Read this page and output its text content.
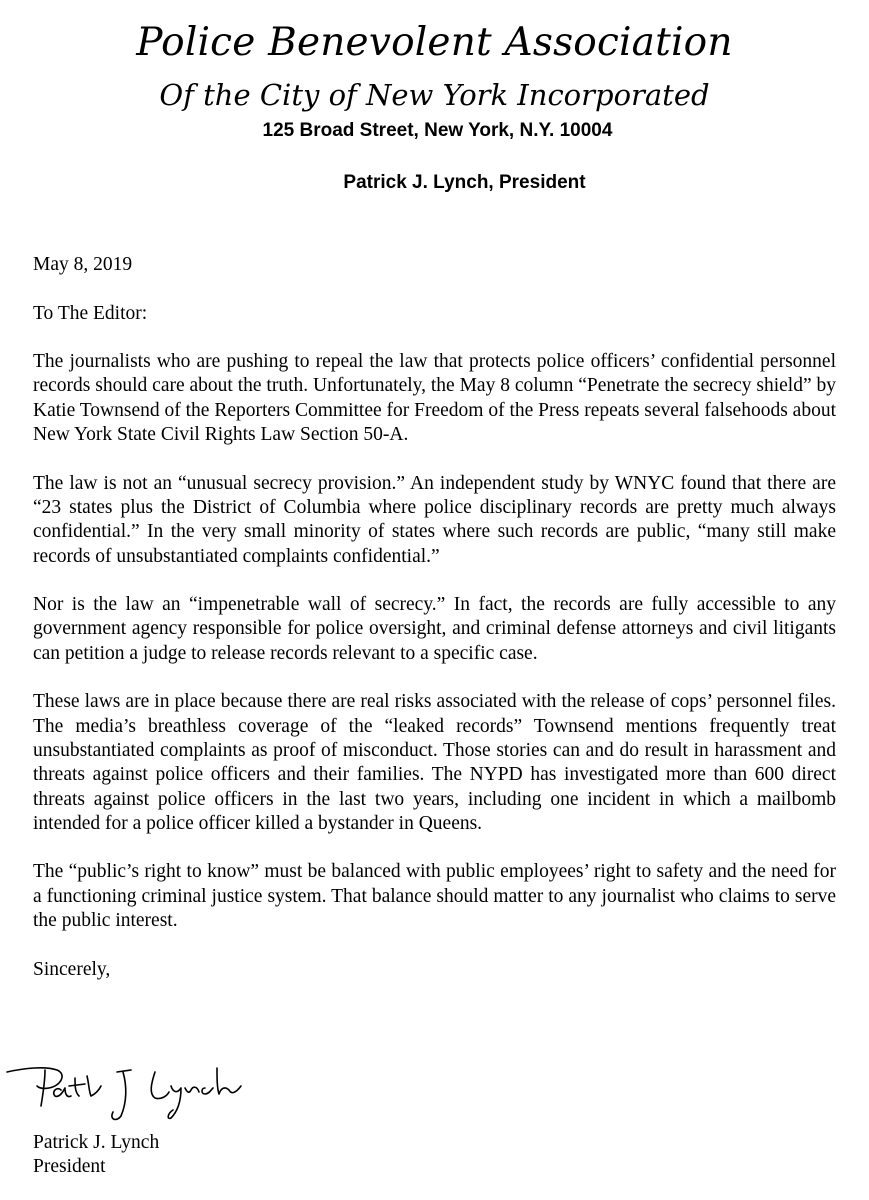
Police Benevolent Association
Of the City of New York Incorporated
125 Broad Street, New York, N.Y. 10004
Patrick J. Lynch, President

May 8, 2019

To The Editor:

The journalists who are pushing to repeal the law that protects police officers’ confidential personnel records should care about the truth. Unfortunately, the May 8 column “Penetrate the secrecy shield” by Katie Townsend of the Reporters Committee for Freedom of the Press repeats several falsehoods about New York State Civil Rights Law Section 50-A.

The law is not an “unusual secrecy provision.” An independent study by WNYC found that there are “23 states plus the District of Columbia where police disciplinary records are pretty much always confidential.” In the very small minority of states where such records are public, “many still make records of unsubstantiated complaints confidential.”

Nor is the law an “impenetrable wall of secrecy.” In fact, the records are fully accessible to any government agency responsible for police oversight, and criminal defense attorneys and civil litigants can petition a judge to release records relevant to a specific case.

These laws are in place because there are real risks associated with the release of cops’ personnel files. The media’s breathless coverage of the “leaked records” Townsend mentions frequently treat unsubstantiated complaints as proof of misconduct. Those stories can and do result in harassment and threats against police officers and their families. The NYPD has investigated more than 600 direct threats against police officers in the last two years, including one incident in which a mailbomb intended for a police officer killed a bystander in Queens.

The “public’s right to know” must be balanced with public employees’ right to safety and the need for a functioning criminal justice system. That balance should matter to any journalist who claims to serve the public interest.

Sincerely,

Patrick J. Lynch
President
